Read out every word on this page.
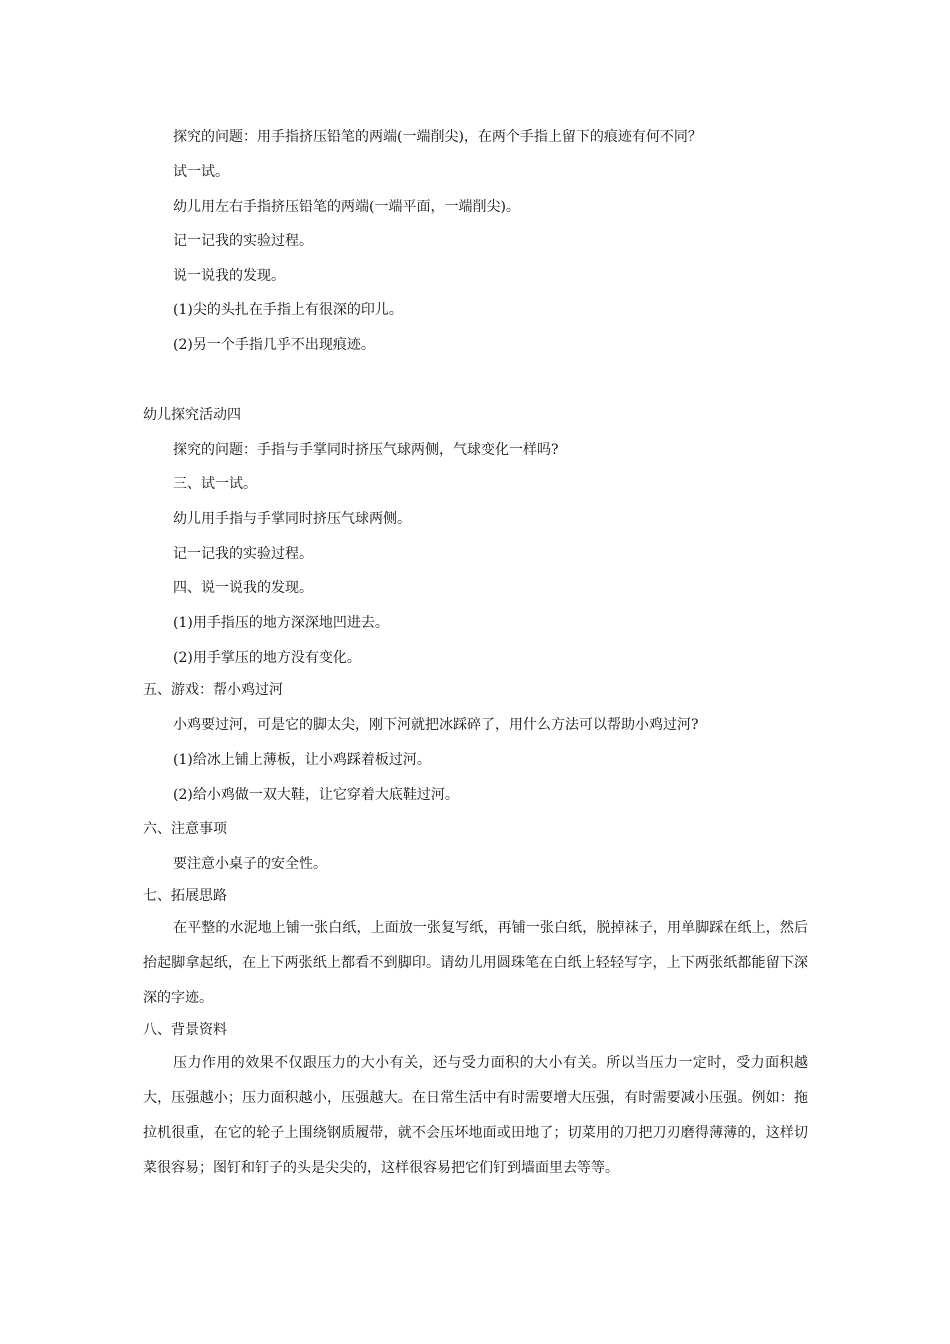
探究的问题：用手指挤压铅笔的两端(一端削尖)，在两个手指上留下的痕迹有何不同？
试一试。
幼儿用左右手指挤压铅笔的两端(一端平面，一端削尖)。
记一记我的实验过程。
说一说我的发现。
(1)尖的头扎在手指上有很深的印儿。
(2)另一个手指几乎不出现痕迹。
幼儿探究活动四
探究的问题：手指与手掌同时挤压气球两侧，气球变化一样吗?
三、试一试。
幼儿用手指与手掌同时挤压气球两侧。
记一记我的实验过程。
四、说一说我的发现。
(1)用手指压的地方深深地凹进去。
(2)用手掌压的地方没有变化。
五、游戏：帮小鸡过河
小鸡要过河，可是它的脚太尖，刚下河就把冰踩碎了，用什么方法可以帮助小鸡过河?
(1)给冰上铺上薄板，让小鸡踩着板过河。
(2)给小鸡做一双大鞋，让它穿着大底鞋过河。
六、注意事项
要注意小桌子的安全性。
七、拓展思路
在平整的水泥地上铺一张白纸，上面放一张复写纸，再铺一张白纸，脱掉袜子，用单脚踩在纸上，然后抬起脚拿起纸，在上下两张纸上都看不到脚印。请幼儿用圆珠笔在白纸上轻轻写字，上下两张纸都能留下深深的字迹。
八、背景资料
压力作用的效果不仅跟压力的大小有关，还与受力面积的大小有关。所以当压力一定时，受力面积越大，压强越小；压力面积越小，压强越大。在日常生活中有时需要增大压强，有时需要减小压强。例如：拖拉机很重，在它的轮子上围绕钢质履带，就不会压坏地面或田地了；切菜用的刀把刀刃磨得薄薄的，这样切菜很容易；图钉和钉子的头是尖尖的，这样很容易把它们钉到墙面里去等等。
